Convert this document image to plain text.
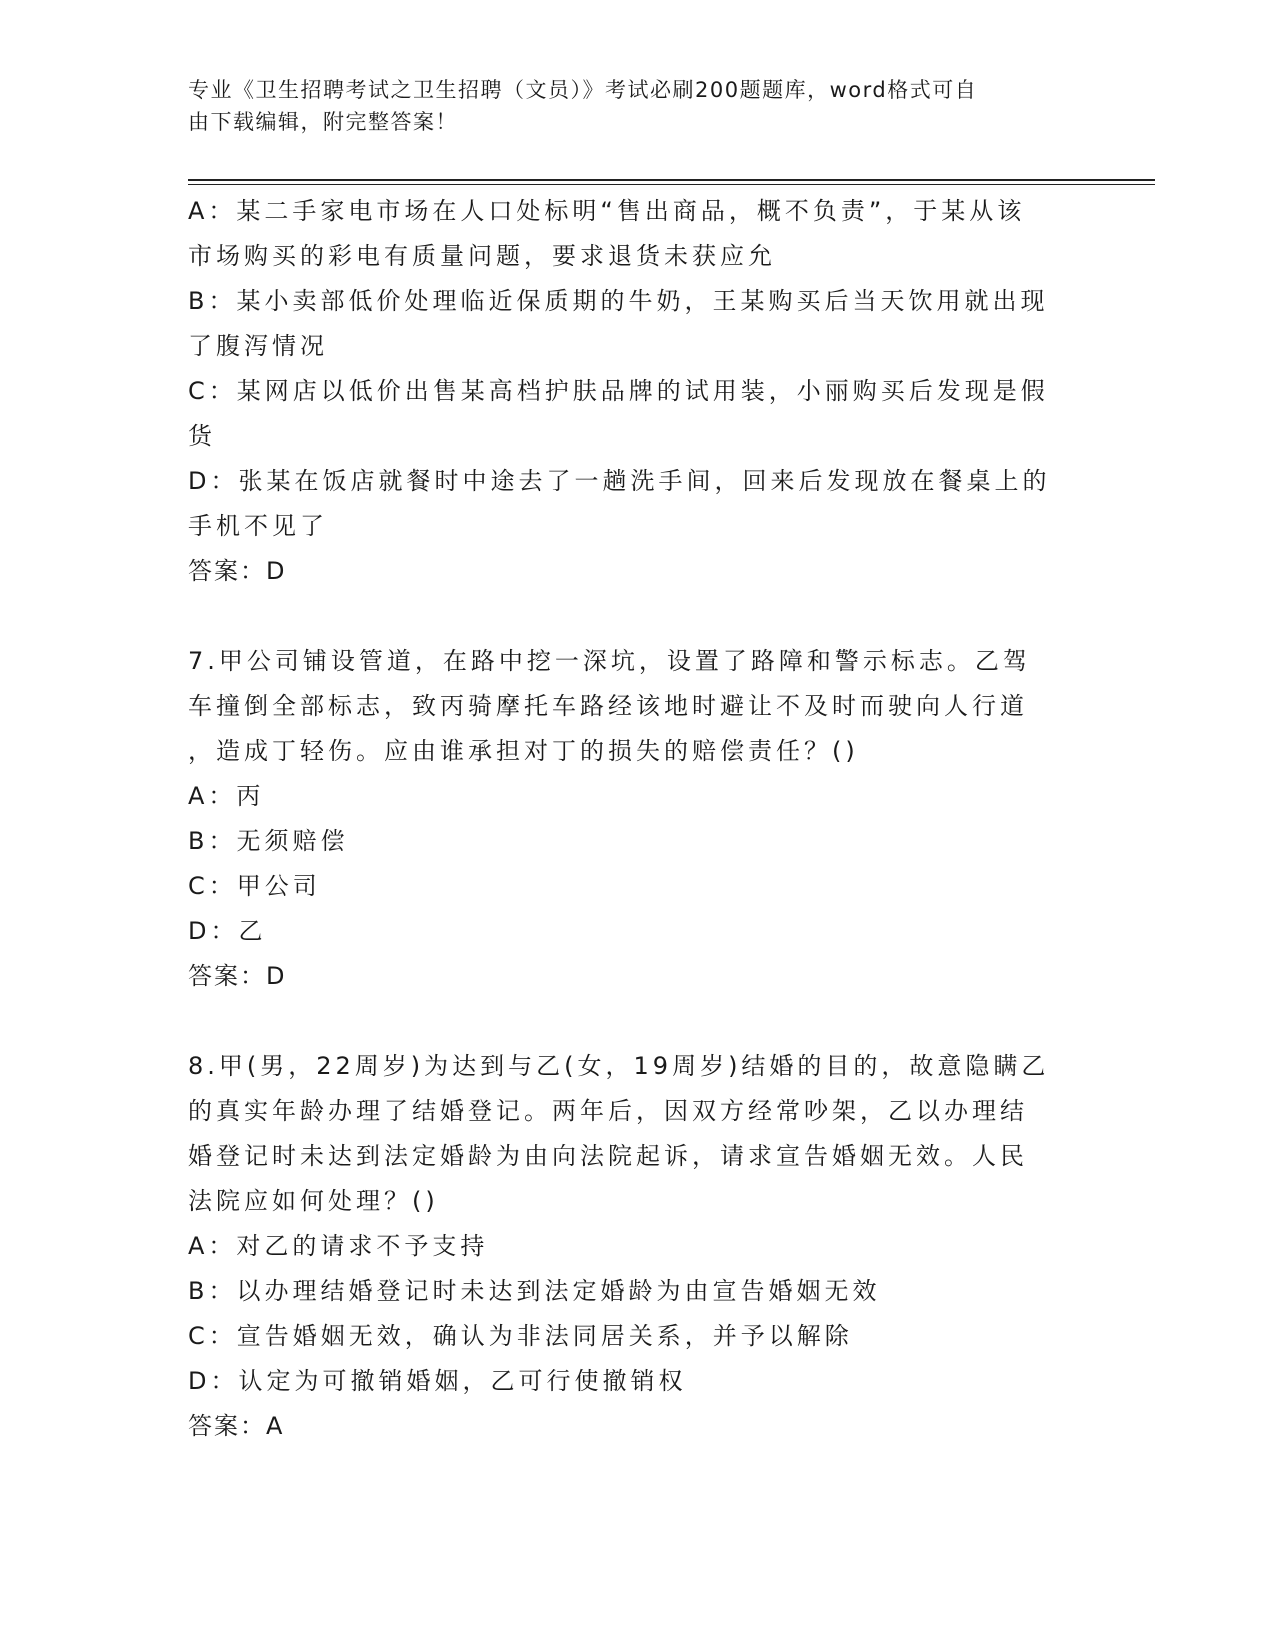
专业《卫生招聘考试之卫生招聘（文员）》考试必刷200题题库，word格式可自
由下载编辑，附完整答案！
A：某二手家电市场在人口处标明“售出商品，概不负责”，于某从该
市场购买的彩电有质量问题，要求退货未获应允
B：某小卖部低价处理临近保质期的牛奶，王某购买后当天饮用就出现
了腹泻情况
C：某网店以低价出售某高档护肤品牌的试用装，小丽购买后发现是假
货
D：张某在饭店就餐时中途去了一趟洗手间，回来后发现放在餐桌上的
手机不见了
答案：D
7.甲公司铺设管道，在路中挖一深坑，设置了路障和警示标志。乙驾
车撞倒全部标志，致丙骑摩托车路经该地时避让不及时而驶向人行道
，造成丁轻伤。应由谁承担对丁的损失的赔偿责任？()
A：丙
B：无须赔偿
C：甲公司
D：乙
答案：D
8.甲(男，22周岁)为达到与乙(女，19周岁)结婚的目的，故意隐瞒乙
的真实年龄办理了结婚登记。两年后，因双方经常吵架，乙以办理结
婚登记时未达到法定婚龄为由向法院起诉，请求宣告婚姻无效。人民
法院应如何处理？()
A：对乙的请求不予支持
B：以办理结婚登记时未达到法定婚龄为由宣告婚姻无效
C：宣告婚姻无效，确认为非法同居关系，并予以解除
D：认定为可撤销婚姻，乙可行使撤销权
答案：A
